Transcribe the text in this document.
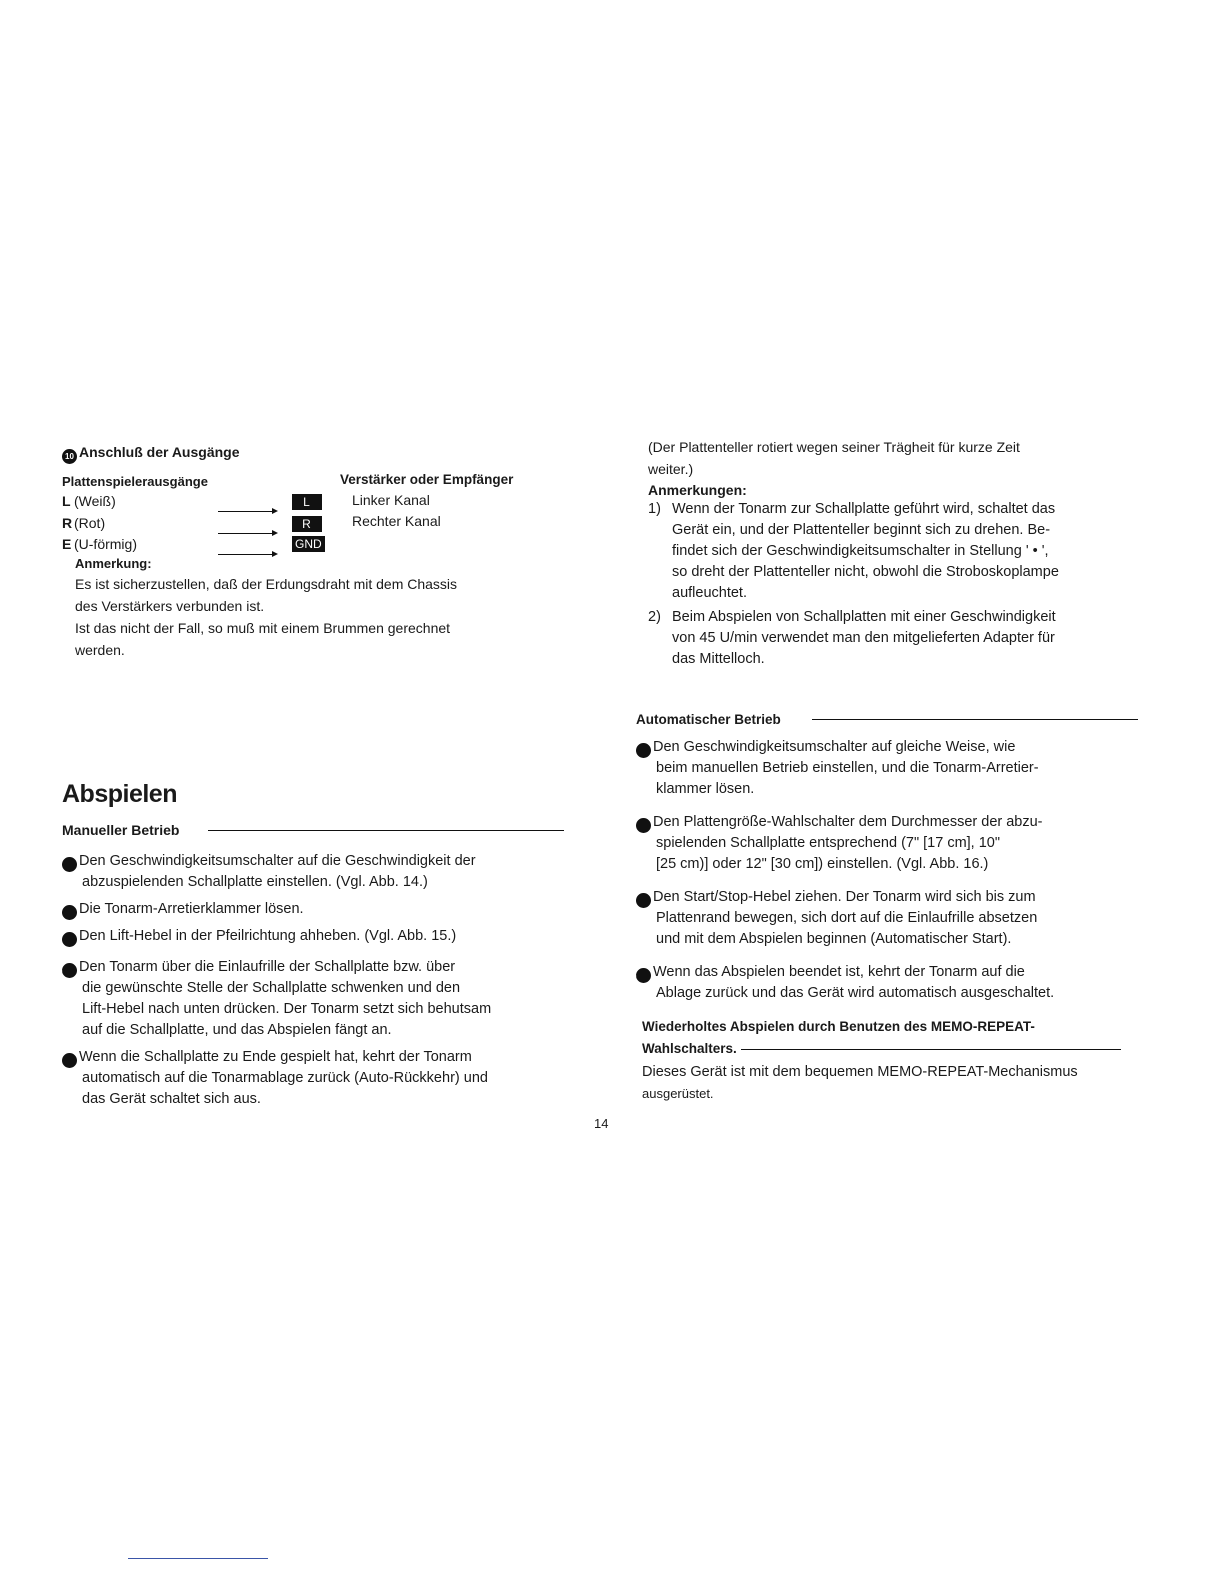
10 Anschluß der Ausgänge
Plattenspielerausgänge	Verstärker oder Empfänger
L (Weiß)	L	Linker Kanal
R (Rot)	R	Rechter Kanal
E (U-förmig)	GND
Anmerkung:
Es ist sicherzustellen, daß der Erdungsdraht mit dem Chassis
des Verstärkers verbunden ist.
Ist das nicht der Fall, so muß mit einem Brummen gerechnet
werden.
Abspielen
Manueller Betrieb
1 Den Geschwindigkeitsumschalter auf die Geschwindigkeit der
abzuspielenden Schallplatte einstellen. (Vgl. Abb. 14.)
2 Die Tonarm-Arretierklammer lösen.
3 Den Lift-Hebel in der Pfeilrichtung ahheben. (Vgl. Abb. 15.)
4 Den Tonarm über die Einlaufrille der Schallplatte bzw. über
die gewünschte Stelle der Schallplatte schwenken und den
Lift-Hebel nach unten drücken. Der Tonarm setzt sich behutsam
auf die Schallplatte, und das Abspielen fängt an.
5 Wenn die Schallplatte zu Ende gespielt hat, kehrt der Tonarm
automatisch auf die Tonarmablage zurück (Auto-Rückkehr) und
das Gerät schaltet sich aus.
(Der Plattenteller rotiert wegen seiner Trägheit für kurze Zeit
weiter.)
Anmerkungen:
1) Wenn der Tonarm zur Schallplatte geführt wird, schaltet das
Gerät ein, und der Plattenteller beginnt sich zu drehen. Be-
findet sich der Geschwindigkeitsumschalter in Stellung ' • ',
so dreht der Plattenteller nicht, obwohl die Stroboskoplampe
aufleuchtet.
2) Beim Abspielen von Schallplatten mit einer Geschwindigkeit
von 45 U/min verwendet man den mitgelieferten Adapter für
das Mittelloch.
Automatischer Betrieb
1 Den Geschwindigkeitsumschalter auf gleiche Weise, wie
beim manuellen Betrieb einstellen, und die Tonarm-Arretier-
klammer lösen.
2 Den Plattengröße-Wahlschalter dem Durchmesser der abzu-
spielenden Schallplatte entsprechend (7" [17 cm], 10"
[25 cm)] oder 12" [30 cm]) einstellen. (Vgl. Abb. 16.)
3 Den Start/Stop-Hebel ziehen. Der Tonarm wird sich bis zum
Plattenrand bewegen, sich dort auf die Einlaufrille absetzen
und mit dem Abspielen beginnen (Automatischer Start).
4 Wenn das Abspielen beendet ist, kehrt der Tonarm auf die
Ablage zurück und das Gerät wird automatisch ausgeschaltet.
Wiederholtes Abspielen durch Benutzen des MEMO-REPEAT-
Wahlschalters.
Dieses Gerät ist mit dem bequemen MEMO-REPEAT-Mechanismus
ausgerüstet.
14
